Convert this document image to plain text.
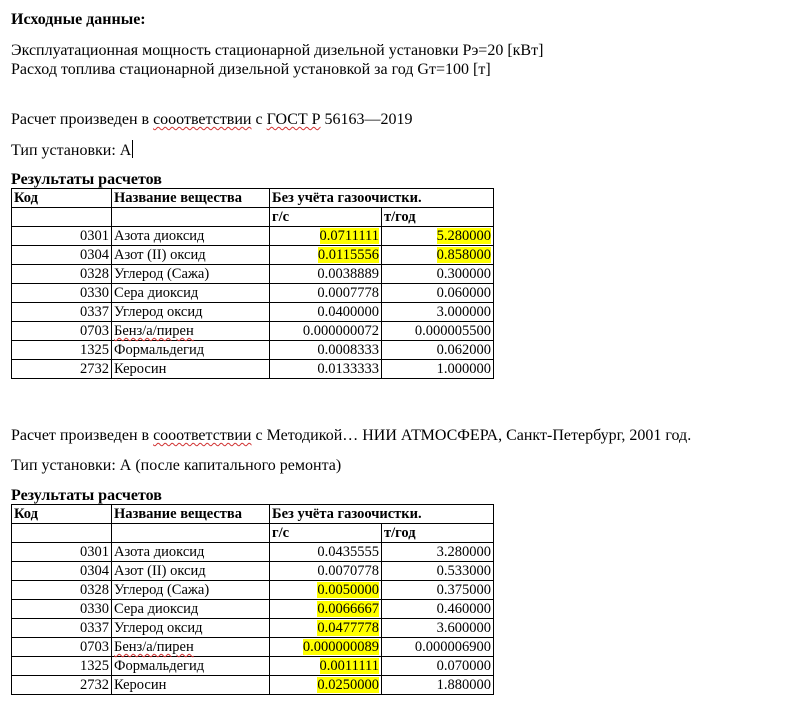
Исходные данные:
Эксплуатационная мощность стационарной дизельной установки Pэ=20 [кВт]
Расход топлива стационарной дизельной установкой за год Gт=100 [т]
Расчет произведен в сооответствии с ГОСТ Р 56163—2019
Тип установки: А
Результаты расчетов
Код	Название вещества	Без учёта газоочистки.	
		г/с	т/год
0301	Азота диоксид	0.0711111	5.280000
0304	Азот (II) оксид	0.0115556	0.858000
0328	Углерод (Сажа)	0.0038889	0.300000
0330	Сера диоксид	0.0007778	0.060000
0337	Углерод оксид	0.0400000	3.000000
0703	Бенз/а/пирен	0.000000072	0.000005500
1325	Формальдегид	0.0008333	0.062000
2732	Керосин	0.0133333	1.000000
Расчет произведен в сооответствии с Методикой… НИИ АТМОСФЕРА, Санкт-Петербург, 2001 год.
Тип установки: А (после капитального ремонта)
Результаты расчетов
Код	Название вещества	Без учёта газоочистки.	
		г/с	т/год
0301	Азота диоксид	0.0435555	3.280000
0304	Азот (II) оксид	0.0070778	0.533000
0328	Углерод (Сажа)	0.0050000	0.375000
0330	Сера диоксид	0.0066667	0.460000
0337	Углерод оксид	0.0477778	3.600000
0703	Бенз/а/пирен	0.000000089	0.000006900
1325	Формальдегид	0.0011111	0.070000
2732	Керосин	0.0250000	1.880000
